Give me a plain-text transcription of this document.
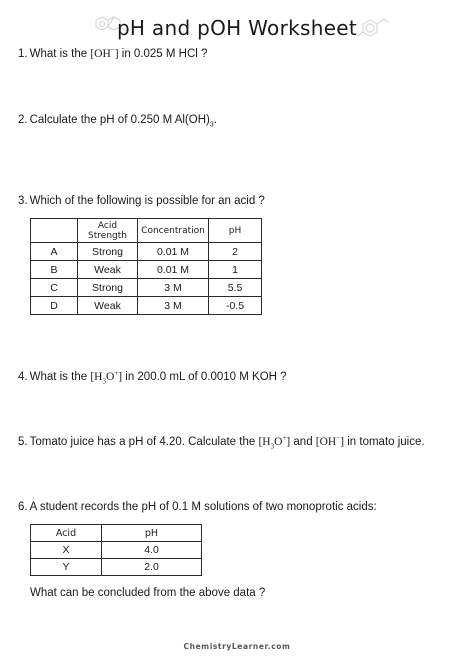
pH and pOH Worksheet
1. What is the [OH−] in 0.025 M HCl ?
2. Calculate the pH of 0.250 M $Al(OH)_3$.
3. Which of the following is possible for an acid ?
	Acid Strength	Concentration	pH
A	Strong	0.01 M	2
B	Weak	0.01 M	1
C	Strong	3 M	5.5
D	Weak	3 M	-0.5
4. What is the $[H_3O^+]$ in 200.0 mL of 0.0010 M KOH ?
5. Tomato juice has a pH of 4.20. Calculate the $[H_3O^+]$ and [OH−] in tomato juice.
6. A student records the pH of 0.1 M solutions of two monoprotic acids:
Acid	pH
X	4.0
Y	2.0
What can be concluded from the above data ?
ChemistryLearner.com
